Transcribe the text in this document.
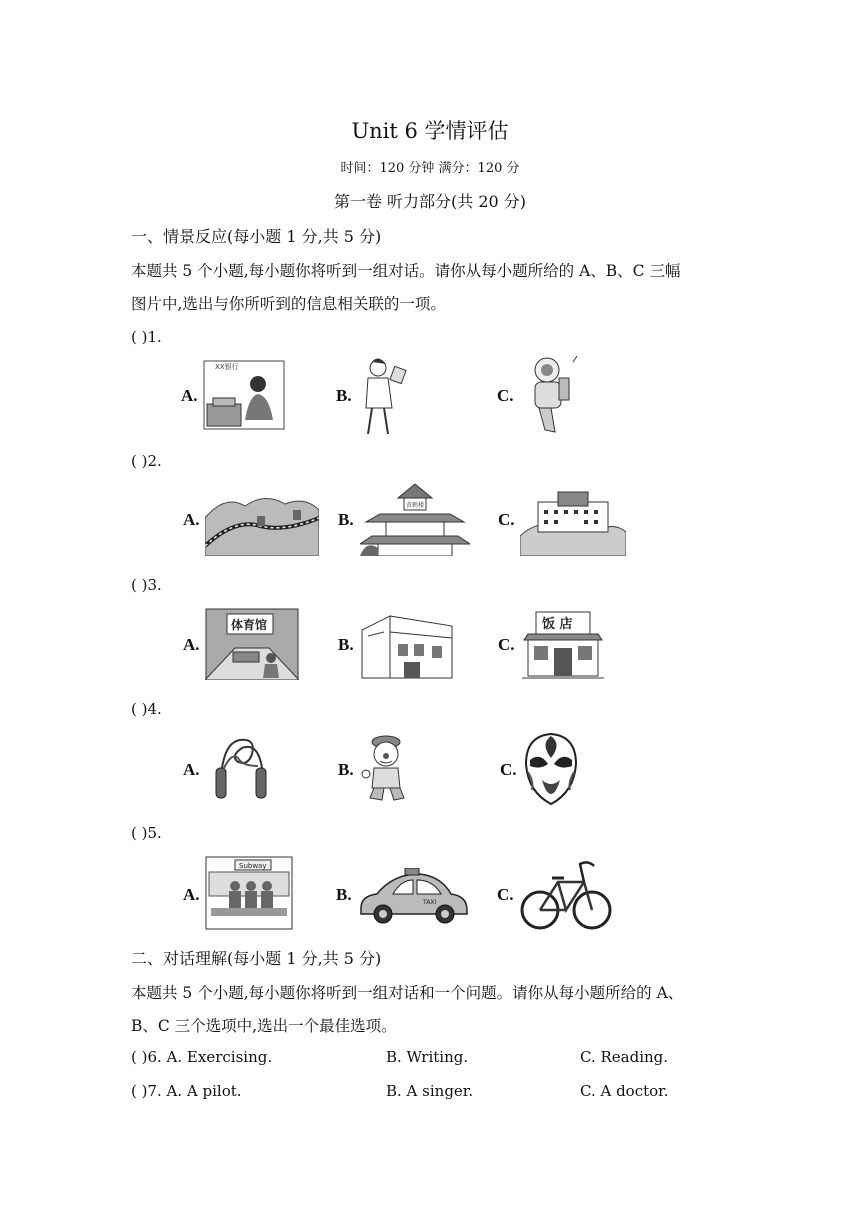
Unit 6 学情评估
时间：120 分钟 满分：120 分
第一卷 听力部分(共 20 分)
一、情景反应(每小题 1 分,共 5 分)
本题共 5 个小题,每小题你将听到一组对话。请你从每小题所给的 A、B、C 三幅
图片中,选出与你所听到的信息相关联的一项。
( )1.
A.
XX银行
B.	C.
( )2.
A.	B.
黄鹤楼
C.
( )3.
A.
体育馆
B.	C.
饭 店
( )4.
A.	B.	C.
( )5.
A.
Subway
B.	TAXI	C.
二、对话理解(每小题 1 分,共 5 分)
本题共 5 个小题,每小题你将听到一组对话和一个问题。请你从每小题所给的 A、
B、C 三个选项中,选出一个最佳选项。
( )6. A. Exercising.	B. Writing.	C. Reading.
( )7. A. A pilot.	B. A singer.	C. A doctor.
